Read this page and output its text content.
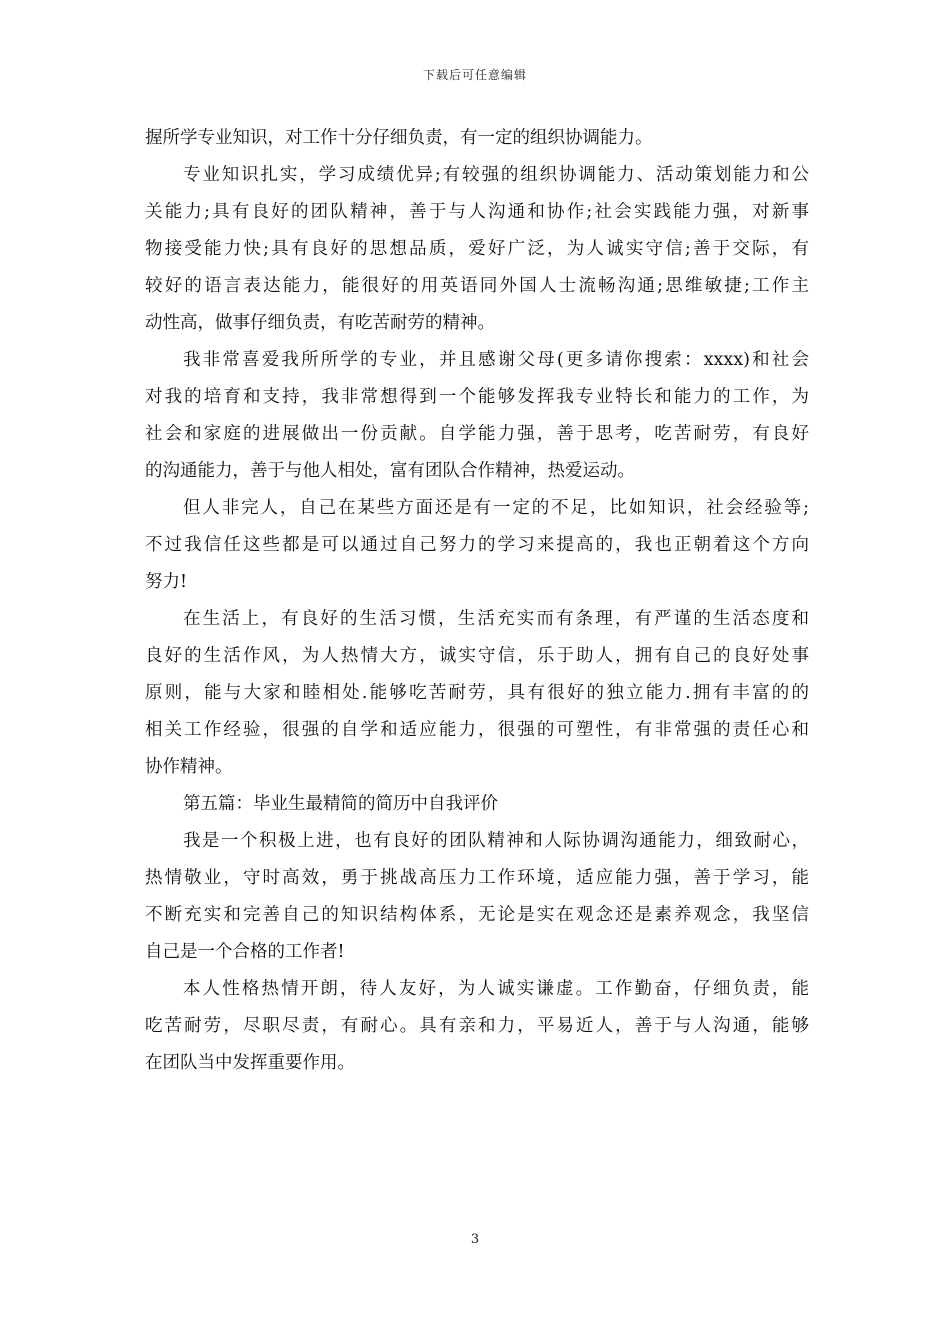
下载后可任意编辑
握所学专业知识，对工作十分仔细负责，有一定的组织协调能力。
专业知识扎实，学习成绩优异;有较强的组织协调能力、活动策划能力和公
关能力;具有良好的团队精神，善于与人沟通和协作;社会实践能力强，对新事
物接受能力快;具有良好的思想品质，爱好广泛，为人诚实守信;善于交际，有
较好的语言表达能力，能很好的用英语同外国人士流畅沟通;思维敏捷;工作主
动性高，做事仔细负责，有吃苦耐劳的精神。
我非常喜爱我所所学的专业，并且感谢父母(更多请你搜索：xxxx)和社会
对我的培育和支持，我非常想得到一个能够发挥我专业特长和能力的工作，为
社会和家庭的进展做出一份贡献。自学能力强，善于思考，吃苦耐劳，有良好
的沟通能力，善于与他人相处，富有团队合作精神，热爱运动。
但人非完人，自己在某些方面还是有一定的不足，比如知识，社会经验等;
不过我信任这些都是可以通过自己努力的学习来提高的，我也正朝着这个方向
努力!
在生活上，有良好的生活习惯，生活充实而有条理，有严谨的生活态度和
良好的生活作风，为人热情大方，诚实守信，乐于助人，拥有自己的良好处事
原则，能与大家和睦相处.能够吃苦耐劳，具有很好的独立能力.拥有丰富的的
相关工作经验，很强的自学和适应能力，很强的可塑性，有非常强的责任心和
协作精神。
第五篇：毕业生最精简的简历中自我评价
我是一个积极上进，也有良好的团队精神和人际协调沟通能力，细致耐心，
热情敬业，守时高效，勇于挑战高压力工作环境，适应能力强，善于学习，能
不断充实和完善自己的知识结构体系，无论是实在观念还是素养观念，我坚信
自己是一个合格的工作者!
本人性格热情开朗，待人友好，为人诚实谦虚。工作勤奋，仔细负责，能
吃苦耐劳，尽职尽责，有耐心。具有亲和力，平易近人，善于与人沟通，能够
在团队当中发挥重要作用。
3
